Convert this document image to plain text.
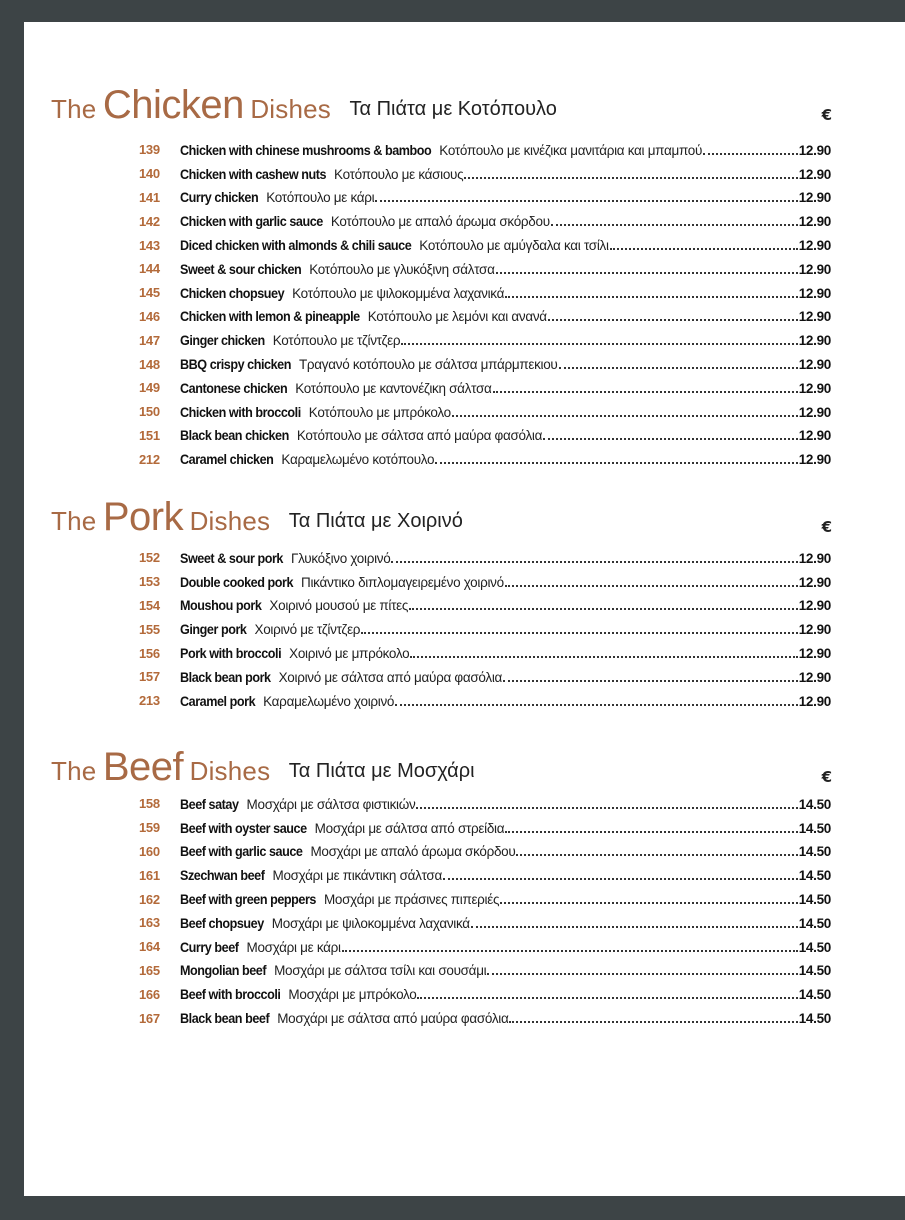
The Chicken Dishes Τα Πιάτα με Κοτόπουλο	€
139	Chicken with chinese mushrooms & bamboo Κοτόπουλο με κινέζικα μανιτάρια και μπαμπού	12.90
140	Chicken with cashew nuts Κοτόπουλο με κάσιους	12.90
141	Curry chicken Κοτόπουλο με κάρι	12.90
142	Chicken with garlic sauce Κοτόπουλο με απαλό άρωμα σκόρδου	12.90
143	Diced chicken with almonds & chili sauce Κοτόπουλο με αμύγδαλα και τσίλι	12.90
144	Sweet & sour chicken Κοτόπουλο με γλυκόξινη σάλτσα	12.90
145	Chicken chopsuey Κοτόπουλο με ψιλοκομμένα λαχανικά	12.90
146	Chicken with lemon & pineapple Κοτόπουλο με λεμόνι και ανανά	12.90
147	Ginger chicken Κοτόπουλο με τζίντζερ	12.90
148	BBQ crispy chicken Τραγανό κοτόπουλο με σάλτσα μπάρμπεκιου	12.90
149	Cantonese chicken Κοτόπουλο με καντονέζικη σάλτσα	12.90
150	Chicken with broccoli Κοτόπουλο με μπρόκολο	12.90
151	Black bean chicken Κοτόπουλο με σάλτσα από μαύρα φασόλια	12.90
212	Caramel chicken Καραμελωμένο κοτόπουλο	12.90
The Pork Dishes Τα Πιάτα με Χοιρινό	€
152	Sweet & sour pork Γλυκόξινο χοιρινό	12.90
153	Double cooked pork Πικάντικο διπλομαγειρεμένο χοιρινό	12.90
154	Moushou pork Χοιρινό μουσού με πίτες	12.90
155	Ginger pork Χοιρινό με τζίντζερ	12.90
156	Pork with broccoli Χοιρινό με μπρόκολο	12.90
157	Black bean pork Χοιρινό με σάλτσα από μαύρα φασόλια	12.90
213	Caramel pork Καραμελωμένο χοιρινό	12.90
The Beef Dishes Τα Πιάτα με Μοσχάρι	€
158	Beef satay Μοσχάρι με σάλτσα φιστικιών	14.50
159	Beef with oyster sauce Μοσχάρι με σάλτσα από στρείδια	14.50
160	Beef with garlic sauce Μοσχάρι με απαλό άρωμα σκόρδου	14.50
161	Szechwan beef Μοσχάρι με πικάντικη σάλτσα	14.50
162	Beef with green peppers Μοσχάρι με πράσινες πιπεριές	14.50
163	Beef chopsuey Μοσχάρι με ψιλοκομμένα λαχανικά	14.50
164	Curry beef Μοσχάρι με κάρι	14.50
165	Mongolian beef Μοσχάρι με σάλτσα τσίλι και σουσάμι	14.50
166	Beef with broccoli Μοσχάρι με μπρόκολο	14.50
167	Black bean beef Μοσχάρι με σάλτσα από μαύρα φασόλια	14.50
